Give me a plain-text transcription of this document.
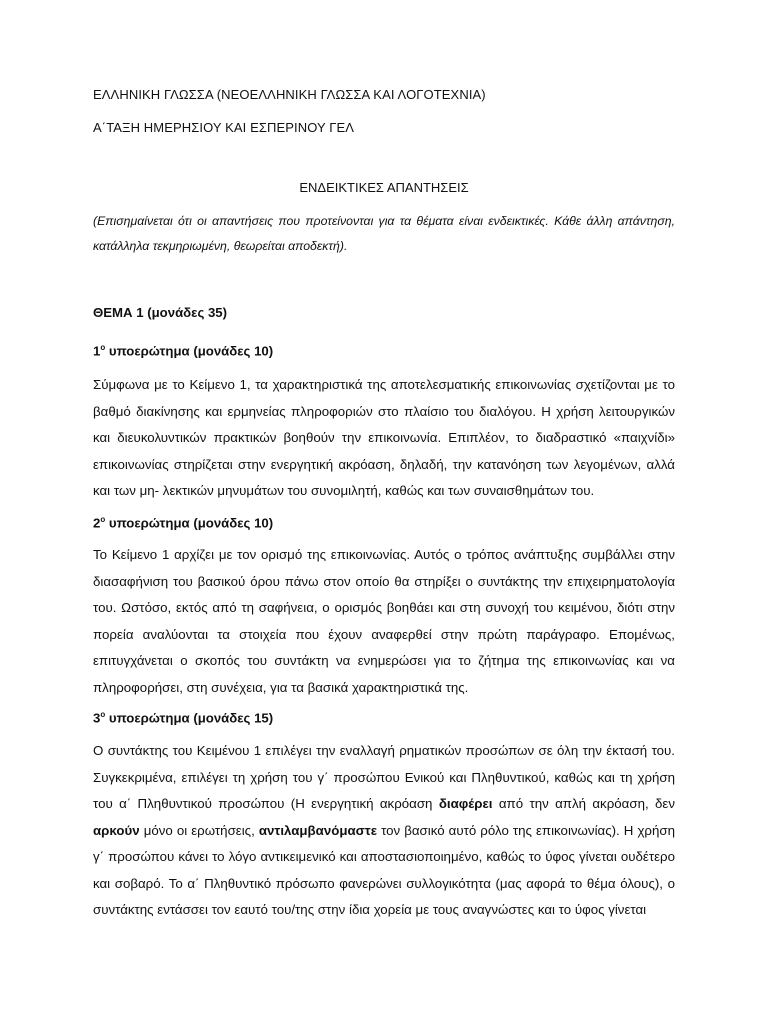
ΕΛΛΗΝΙΚΗ ΓΛΩΣΣΑ (ΝΕΟΕΛΛΗΝΙΚΗ ΓΛΩΣΣΑ ΚΑΙ ΛΟΓΟΤΕΧΝΙΑ)
Α΄ΤΑΞΗ ΗΜΕΡΗΣΙΟΥ ΚΑΙ ΕΣΠΕΡΙΝΟΥ ΓΕΛ
ΕΝΔΕΙΚΤΙΚΕΣ ΑΠΑΝΤΗΣΕΙΣ
(Επισημαίνεται ότι οι απαντήσεις που προτείνονται για τα θέματα είναι ενδεικτικές. Κάθε άλλη απάντηση, κατάλληλα τεκμηριωμένη, θεωρείται αποδεκτή).
ΘΕΜΑ 1 (μονάδες 35)
$1^o$ υποερώτημα (μονάδες 10)
Σύμφωνα με το Κείμενο 1, τα χαρακτηριστικά της αποτελεσματικής επικοινωνίας σχετίζονται με το βαθμό διακίνησης και ερμηνείας πληροφοριών στο πλαίσιο του διαλόγου. Η χρήση λειτουργικών και διευκολυντικών πρακτικών βοηθούν την επικοινωνία. Επιπλέον, το διαδραστικό «παιχνίδι» επικοινωνίας στηρίζεται στην ενεργητική ακρόαση, δηλαδή, την κατανόηση των λεγομένων, αλλά και των μη- λεκτικών μηνυμάτων του συνομιλητή, καθώς και των συναισθημάτων του.
$2^o$ υποερώτημα (μονάδες 10)
Το Κείμενο 1 αρχίζει με τον ορισμό της επικοινωνίας. Αυτός ο τρόπος ανάπτυξης συμβάλλει στην διασαφήνιση του βασικού όρου πάνω στον οποίο θα στηρίξει ο συντάκτης την επιχειρηματολογία του. Ωστόσο, εκτός από τη σαφήνεια, ο ορισμός βοηθάει και στη συνοχή του κειμένου, διότι στην πορεία αναλύονται τα στοιχεία που έχουν αναφερθεί στην πρώτη παράγραφο. Επομένως, επιτυγχάνεται ο σκοπός του συντάκτη να ενημερώσει για το ζήτημα της επικοινωνίας και να πληροφορήσει, στη συνέχεια, για τα βασικά χαρακτηριστικά της.
$3^o$ υποερώτημα (μονάδες 15)
Ο συντάκτης του Κειμένου 1 επιλέγει την εναλλαγή ρηματικών προσώπων σε όλη την έκτασή του. Συγκεκριμένα, επιλέγει τη χρήση του γ΄ προσώπου Ενικού και Πληθυντικού, καθώς και τη χρήση του α΄ Πληθυντικού προσώπου (Η ενεργητική ακρόαση διαφέρει από την απλή ακρόαση, δεν αρκούν μόνο οι ερωτήσεις, αντιλαμβανόμαστε τον βασικό αυτό ρόλο της επικοινωνίας). Η χρήση γ΄ προσώπου κάνει το λόγο αντικειμενικό και αποστασιοποιημένο, καθώς το ύφος γίνεται ουδέτερο και σοβαρό. Το α΄ Πληθυντικό πρόσωπο φανερώνει συλλογικότητα (μας αφορά το θέμα όλους), ο συντάκτης εντάσσει τον εαυτό του/της στην ίδια χορεία με τους αναγνώστες και το ύφος γίνεται
